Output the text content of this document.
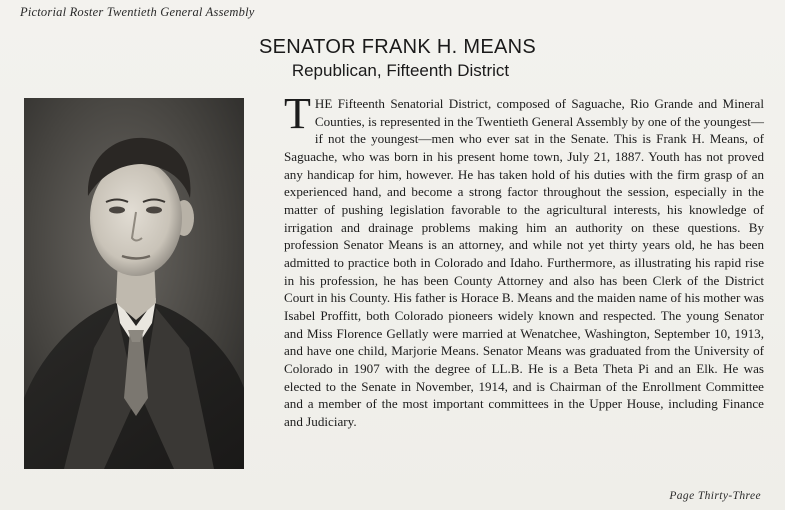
Pictorial Roster Twentieth General Assembly
SENATOR FRANK H. MEANS
Republican, Fifteenth District
THE Fifteenth Senatorial District, composed of Saguache, Rio Grande and Mineral Counties, is represented in the Twentieth General Assembly by one of the youngest—if not the youngest—men who ever sat in the Senate. This is Frank H. Means, of Saguache, who was born in his present home town, July 21, 1887. Youth has not proved any handicap for him, however. He has taken hold of his duties with the firm grasp of an experienced hand, and become a strong factor throughout the session, especially in the matter of pushing legislation favorable to the agricultural interests, his knowledge of irrigation and drainage problems making him an authority on these questions. By profession Senator Means is an attorney, and while not yet thirty years old, he has been admitted to practice both in Colorado and Idaho. Furthermore, as illustrating his rapid rise in his profession, he has been County Attorney and also has been Clerk of the District Court in his County. His father is Horace B. Means and the maiden name of his mother was Isabel Proffitt, both Colorado pioneers widely known and respected. The young Senator and Miss Florence Gellatly were married at Wenatchee, Washington, September 10, 1913, and have one child, Marjorie Means. Senator Means was graduated from the University of Colorado in 1907 with the degree of LL.B. He is a Beta Theta Pi and an Elk. He was elected to the Senate in November, 1914, and is Chairman of the Enrollment Committee and a member of the most important committees in the Upper House, including Finance and Judiciary.
Page Thirty-Three
